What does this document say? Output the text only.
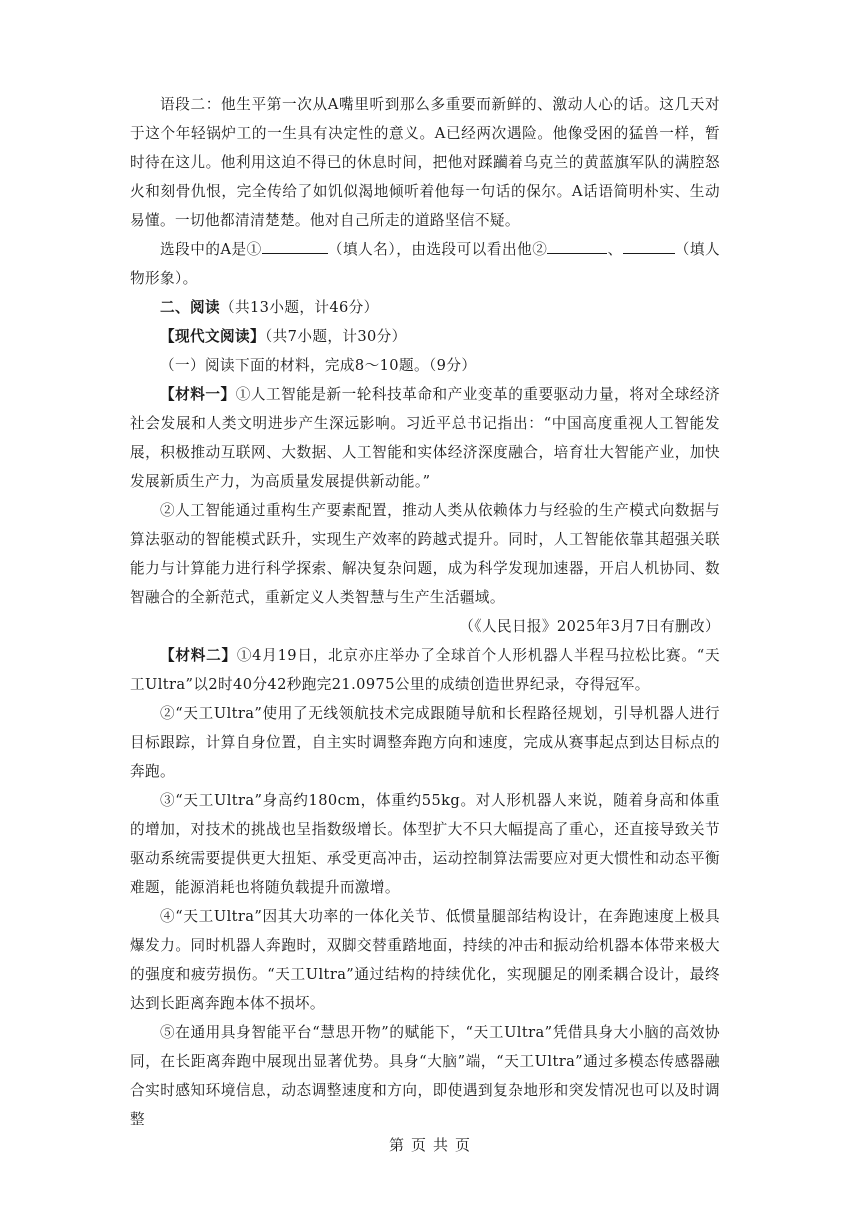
语段二：他生平第一次从A嘴里听到那么多重要而新鲜的、激动人心的话。这几天对于这个年轻锅炉工的一生具有决定性的意义。A已经两次遇险。他像受困的猛兽一样，暂时待在这儿。他利用这迫不得已的休息时间，把他对蹂躏着乌克兰的黄蓝旗军队的满腔怒火和刻骨仇恨，完全传给了如饥似渴地倾听着他每一句话的保尔。A话语简明朴实、生动易懂。一切他都清清楚楚。他对自己所走的道路坚信不疑。

选段中的A是①	（填人名），由选段可以看出他②	、	（填人物形象）。

二、阅读（共13小题，计46分）

【现代文阅读】（共7小题，计30分）

（一）阅读下面的材料，完成8～10题。（9分）

【材料一】①人工智能是新一轮科技革命和产业变革的重要驱动力量，将对全球经济社会发展和人类文明进步产生深远影响。习近平总书记指出：“中国高度重视人工智能发展，积极推动互联网、大数据、人工智能和实体经济深度融合，培育壮大智能产业，加快发展新质生产力，为高质量发展提供新动能。”

②人工智能通过重构生产要素配置，推动人类从依赖体力与经验的生产模式向数据与算法驱动的智能模式跃升，实现生产效率的跨越式提升。同时，人工智能依靠其超强关联能力与计算能力进行科学探索、解决复杂问题，成为科学发现加速器，开启人机协同、数智融合的全新范式，重新定义人类智慧与生产生活疆域。

（《人民日报》2025年3月7日有删改）

【材料二】①4月19日，北京亦庄举办了全球首个人形机器人半程马拉松比赛。“天工Ultra”以2时40分42秒跑完21.0975公里的成绩创造世界纪录，夺得冠军。

②“天工Ultra”使用了无线领航技术完成跟随导航和长程路径规划，引导机器人进行目标跟踪，计算自身位置，自主实时调整奔跑方向和速度，完成从赛事起点到达目标点的奔跑。

③“天工Ultra”身高约180cm，体重约55kg。对人形机器人来说，随着身高和体重的增加，对技术的挑战也呈指数级增长。体型扩大不只大幅提高了重心，还直接导致关节驱动系统需要提供更大扭矩、承受更高冲击，运动控制算法需要应对更大惯性和动态平衡难题，能源消耗也将随负载提升而激增。

④“天工Ultra”因其大功率的一体化关节、低惯量腿部结构设计，在奔跑速度上极具爆发力。同时机器人奔跑时，双脚交替重踏地面，持续的冲击和振动给机器本体带来极大的强度和疲劳损伤。“天工Ultra”通过结构的持续优化，实现腿足的刚柔耦合设计，最终达到长距离奔跑本体不损坏。

⑤在通用具身智能平台“慧思开物”的赋能下，“天工Ultra”凭借具身大小脑的高效协同，在长距离奔跑中展现出显著优势。具身“大脑”端，“天工Ultra”通过多模态传感器融合实时感知环境信息，动态调整速度和方向，即使遇到复杂地形和突发情况也可以及时调整

第 页 共 页
